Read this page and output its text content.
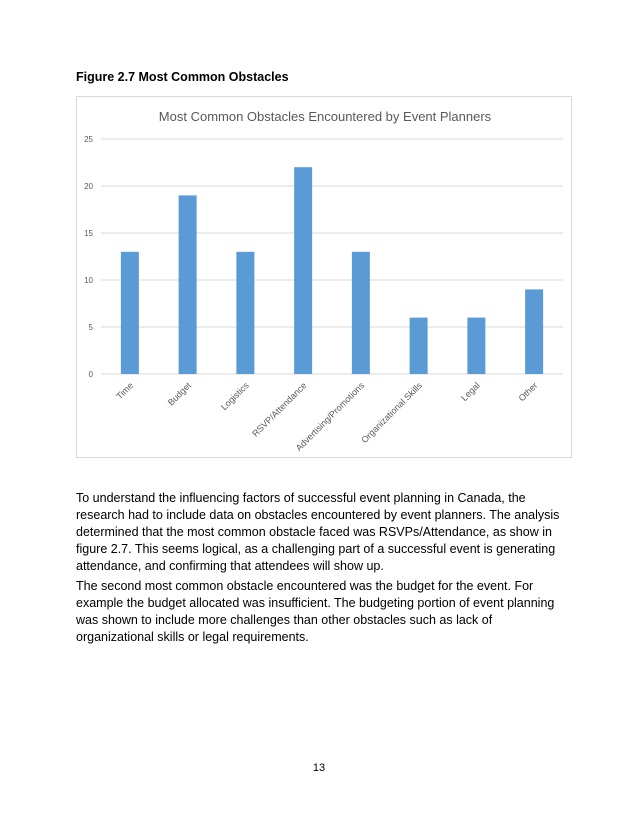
Figure 2.7 Most Common Obstacles
Most Common Obstacles Encountered by Event Planners
0
5
10
15
20
25
Time	Budget	Logistics RSVP/Attendance
Advertising/Promotions
Organizational Skills	Legal	Other
To understand the influencing factors of successful event planning in Canada, the research had to include data on obstacles encountered by event planners. The analysis determined that the most common obstacle faced was RSVPs/Attendance, as show in figure 2.7. This seems logical, as a challenging part of a successful event is generating attendance, and confirming that attendees will show up.
The second most common obstacle encountered was the budget for the event. For example the budget allocated was insufficient. The budgeting portion of event planning was shown to include more challenges than other obstacles such as lack of organizational skills or legal requirements.
13
